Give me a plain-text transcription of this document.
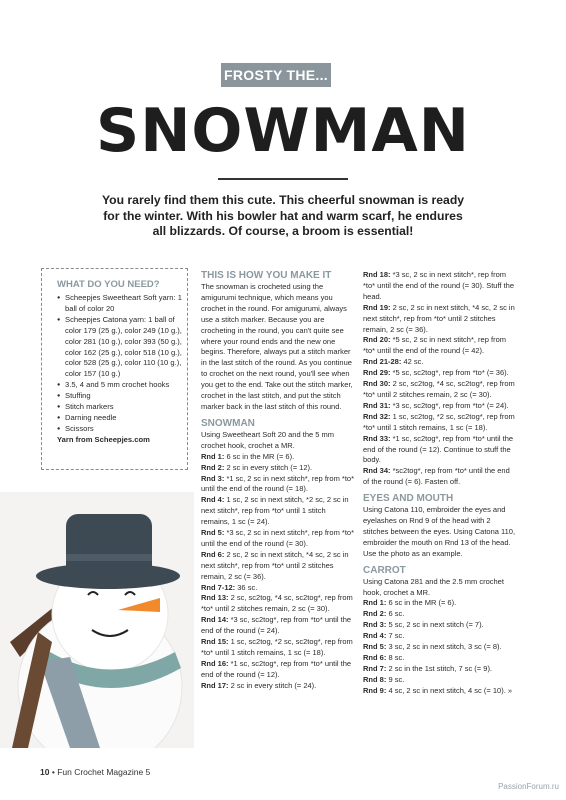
FROSTY THE...
SNOWMAN
You rarely find them this cute. This cheerful snowman is ready for the winter. With his bowler hat and warm scarf, he endures all blizzards. Of course, a broom is essential!
WHAT DO YOU NEED?
● Scheepjes Sweetheart Soft yarn: 1 ball of color 20
● Scheepjes Catona yarn: 1 ball of color 179 (25 g.), color 249 (10 g.), color 281 (10 g.), color 393 (50 g.), color 162 (25 g.), color 518 (10 g.), color 528 (25 g.), color 110 (10 g.), color 157 (10 g.)
● 3.5, 4 and 5 mm crochet hooks
● Stuffing
● Stitch markers
● Darning needle
● Scissors
Yarn from Scheepjes.com

THIS IS HOW YOU MAKE IT

The snowman is crocheted using the amigurumi technique, which means you crochet in the round. For amigurumi, always use a stitch marker. Because you are crocheting in the round, you can't quite see where your round ends and the new one begins. Therefore, always put a stitch marker in the last stitch of the round. As you continue to crochet on the next round, you'll see when you get to the end. Take out the stitch marker, crochet in the last stitch, and put the stitch marker back in the last stitch of this round.

SNOWMAN

Using Sweetheart Soft 20 and the 5 mm crochet hook, crochet a MR.

Rnd 1: 6 sc in the MR (= 6).

Rnd 2: 2 sc in every stitch (= 12).

Rnd 3: *1 sc, 2 sc in next stitch*, rep from *to* until the end of the round (= 18).

Rnd 4: 1 sc, 2 sc in next stitch, *2 sc, 2 sc in next stitch*, rep from *to* until 1 stitch remains, 1 sc (= 24).

Rnd 5: *3 sc, 2 sc in next stitch*, rep from *to* until the end of the round (= 30).

Rnd 6: 2 sc, 2 sc in next stitch, *4 sc, 2 sc in next stitch*, rep from *to* until 2 stitches remain, 2 sc (= 36).

Rnd 7-12: 36 sc.

Rnd 13: 2 sc, sc2tog, *4 sc, sc2tog*, rep from *to* until 2 stitches remain, 2 sc (= 30).

Rnd 14: *3 sc, sc2tog*, rep from *to* until the end of the round (= 24).

Rnd 15: 1 sc, sc2tog, *2 sc, sc2tog*, rep from *to* until 1 stitch remains, 1 sc (= 18).

Rnd 16: *1 sc, sc2tog*, rep from *to* until the end of the round (= 12).

Rnd 17: 2 sc in every stitch (= 24).

Rnd 18: *3 sc, 2 sc in next stitch*, rep from *to* until the end of the round (= 30). Stuff the head.

Rnd 19: 2 sc, 2 sc in next stitch, *4 sc, 2 sc in next stitch*, rep from *to* until 2 stitches remain, 2 sc (= 36).

Rnd 20: *5 sc, 2 sc in next stitch*, rep from *to* until the end of the round (= 42).

Rnd 21-28: 42 sc.

Rnd 29: *5 sc, sc2tog*, rep from *to* (= 36).

Rnd 30: 2 sc, sc2tog, *4 sc, sc2tog*, rep from *to* until 2 stitches remain, 2 sc (= 30).

Rnd 31: *3 sc, sc2tog*, rep from *to* (= 24).

Rnd 32: 1 sc, sc2tog, *2 sc, sc2tog*, rep from *to* until 1 stitch remains, 1 sc (= 18).

Rnd 33: *1 sc, sc2tog*, rep from *to* until the end of the round (= 12). Continue to stuff the body.

Rnd 34: *sc2tog*, rep from *to* until the end of the round (= 6). Fasten off.

EYES AND MOUTH

Using Catona 110, embroider the eyes and eyelashes on Rnd 9 of the head with 2 stitches between the eyes. Using Catona 110, embroider the mouth on Rnd 13 of the head. Use the photo as an example.

CARROT

Using Catona 281 and the 2.5 mm crochet hook, crochet a MR.

Rnd 1: 6 sc in the MR (= 6).

Rnd 2: 6 sc.

Rnd 3: 5 sc, 2 sc in next stitch (= 7).

Rnd 4: 7 sc.

Rnd 5: 3 sc, 2 sc in next stitch, 3 sc (= 8).

Rnd 6: 8 sc.

Rnd 7: 2 sc in the 1st stitch, 7 sc (= 9).

Rnd 8: 9 sc.

Rnd 9: 4 sc, 2 sc in next stitch, 4 sc (= 10). »

10 • Fun Crochet Magazine 5
PassionForum.ru
